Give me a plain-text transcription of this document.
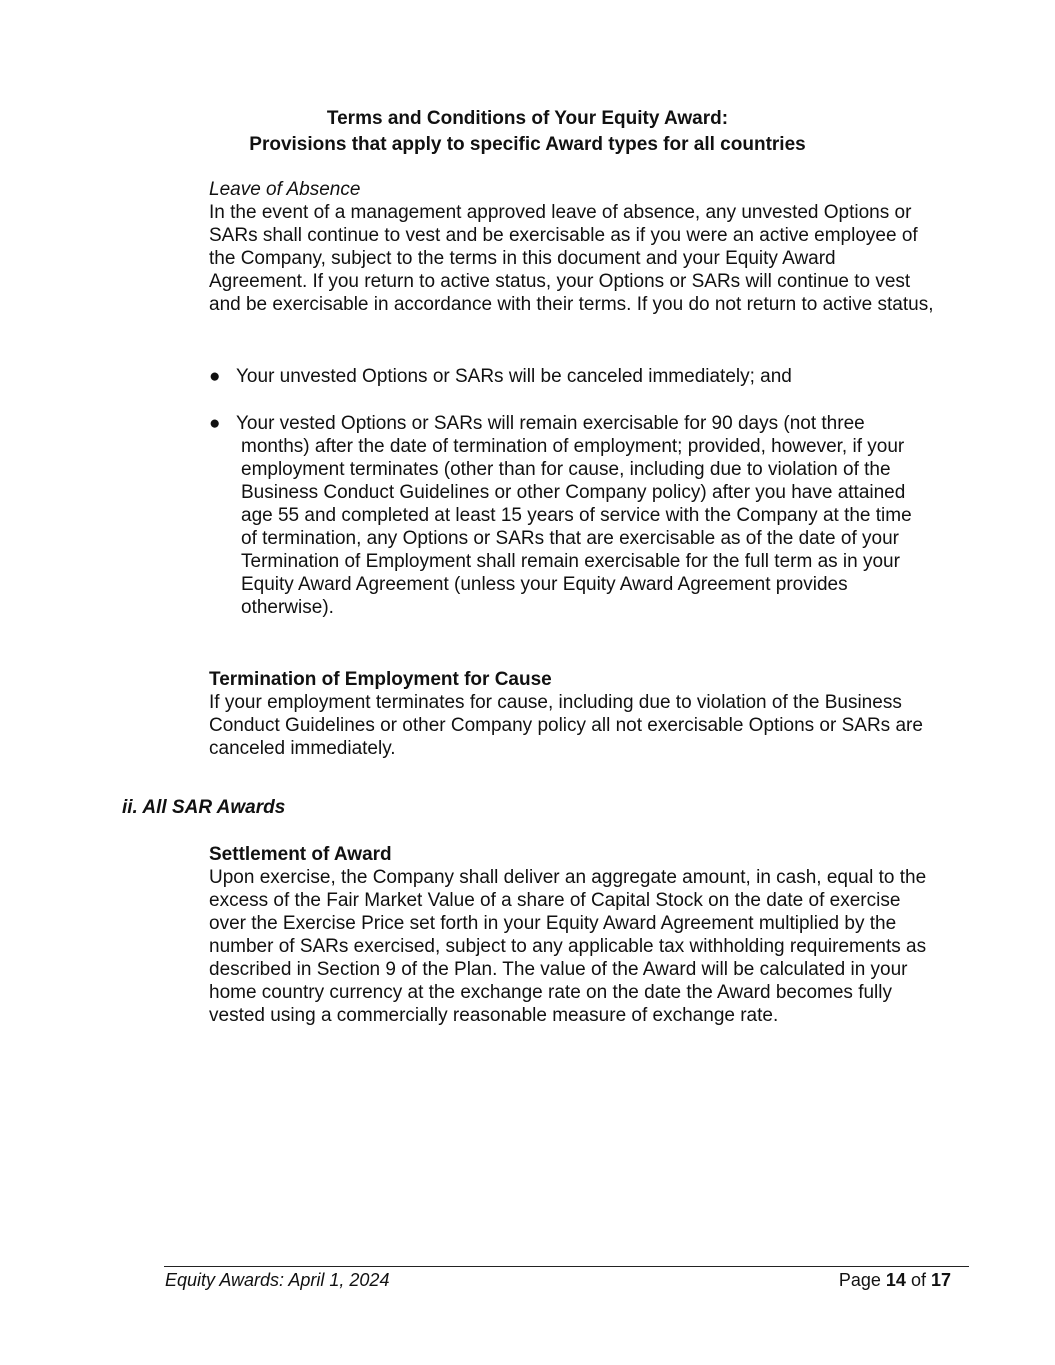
Terms and Conditions of Your Equity Award:
Provisions that apply to specific Award types for all countries
Leave of Absence

In the event of a management approved leave of absence, any unvested Options or SARs shall continue to vest and be exercisable as if you were an active employee of the Company, subject to the terms in this document and your Equity Award Agreement. If you return to active status, your Options or SARs will continue to vest and be exercisable in accordance with their terms. If you do not return to active status,

● Your unvested Options or SARs will be canceled immediately; and
● Your vested Options or SARs will remain exercisable for 90 days (not three months) after the date of termination of employment; provided, however, if your employment terminates (other than for cause, including due to violation of the Business Conduct Guidelines or other Company policy) after you have attained age 55 and completed at least 15 years of service with the Company at the time of termination, any Options or SARs that are exercisable as of the date of your Termination of Employment shall remain exercisable for the full term as in your Equity Award Agreement (unless your Equity Award Agreement provides otherwise).
Termination of Employment for Cause

If your employment terminates for cause, including due to violation of the Business Conduct Guidelines or other Company policy all not exercisable Options or SARs are canceled immediately.

ii. All SAR Awards
Settlement of Award

Upon exercise, the Company shall deliver an aggregate amount, in cash, equal to the excess of the Fair Market Value of a share of Capital Stock on the date of exercise over the Exercise Price set forth in your Equity Award Agreement multiplied by the number of SARs exercised, subject to any applicable tax withholding requirements as described in Section 9 of the Plan. The value of the Award will be calculated in your home country currency at the exchange rate on the date the Award becomes fully vested using a commercially reasonable measure of exchange rate.

Equity Awards: April 1, 2024	Page 14 of 17
